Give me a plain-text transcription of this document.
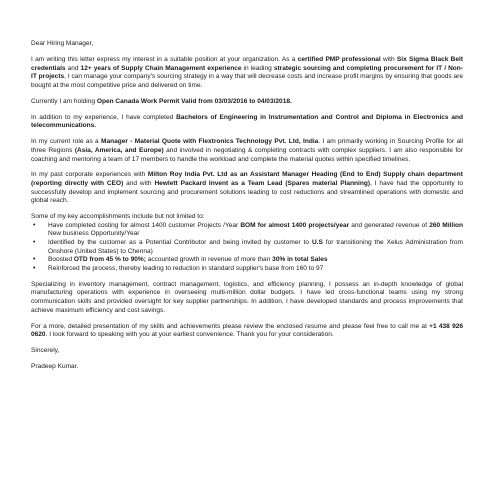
Dear Hiring Manager,

I am writing this letter express my interest in a suitable position at your organization. As a certified PMP professional with Six Sigma Black Belt credentials and 12+ years of Supply Chain Management experience in leading strategic sourcing and completing procurement for IT / Non-IT projects, I can manage your company's sourcing strategy in a way that will decrease costs and increase profit margins by ensuring that goods are bought at the most competitive price and delivered on time.

Currently I am holding Open Canada Work Permit Valid from 03/03/2016 to 04/03/2018.

In addition to my experience, I have completed Bachelors of Engineering in Instrumentation and Control and Diploma in Electronics and telecommunications.

In my current role as a Manager - Material Quote with Flextronics Technology Pvt. Ltd, India. I am primarily working in Sourcing Profile for all three Regions (Asia, America, and Europe) and involved in negotiating & completing contracts with complex suppliers. I am also responsible for coaching and mentoring a team of 17 members to handle the workload and complete the material quotes within specified timelines.

In my past corporate experiences with Milton Roy India Pvt. Ltd as an Assistant Manager Heading (End to End) Supply chain department (reporting directly with CEO) and with Hewlett Packard Invent as a Team Lead (Spares material Planning), I have had the opportunity to successfully develop and implement sourcing and procurement solutions leading to cost reductions and streamlined operations with domestic and global reach.

Some of my key accomplishments include but not limited to:

• Have completed costing for almost 1400 customer Projects /Year BOM for almost 1400 projects/year and generated revenue of 260 Million New business Opportunity/Year
• Identified by the customer as a Potential Contributor and being invited by customer to U.S for transitioning the Xelus Administration from Onshore (United States) to Chenna)
• Boosted OTD from 45 % to 90%; accounted growth in revenue of more than 30% in total Sales
• Reinforced the process, thereby leading to reduction in standard supplier's base from 160 to 97

Specializing in inventory management, contract management, logistics, and efficiency planning, I possess an in-depth knowledge of global manufacturing operations with experience in overseeing multi-million dollar budgets. I have led cross-functional teams using my strong communication skills and provided oversight for key supplier partnerships. In addition, I have developed standards and process improvements that achieve maximum efficiency and cost savings.

For a more, detailed presentation of my skills and achievements please review the enclosed resume and please feel free to call me at +1 438 926 0620. I look forward to speaking with you at your earliest convenience. Thank you for your consideration.

Sincerely,

Pradeep Kumar.
